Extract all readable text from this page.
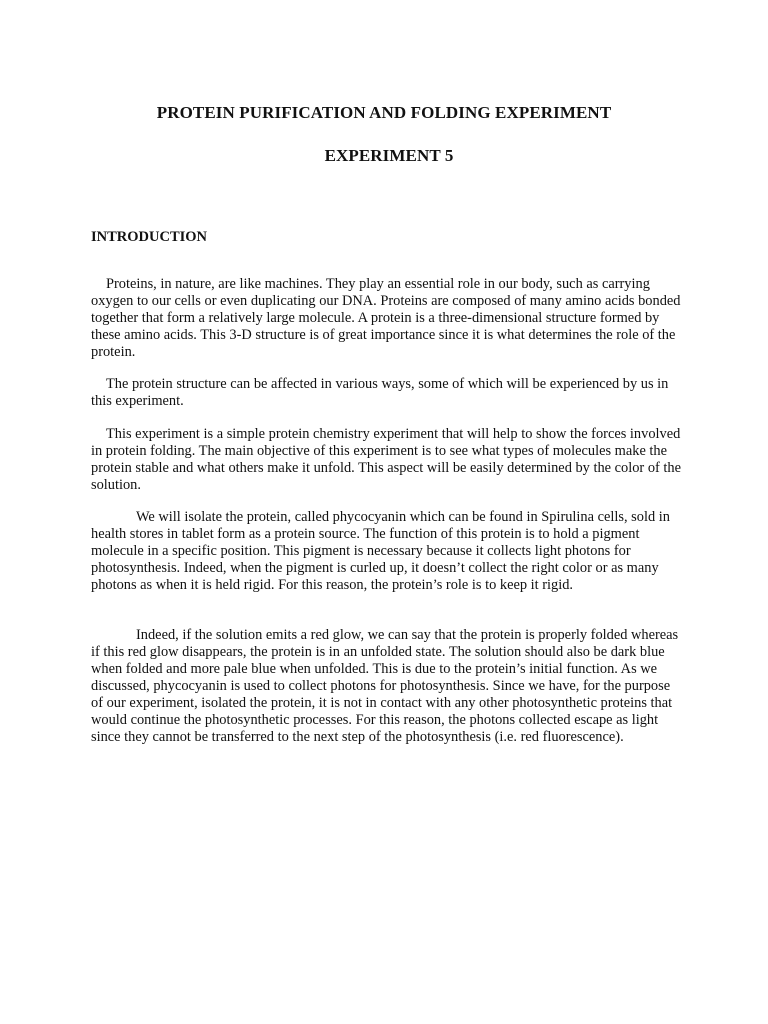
PROTEIN PURIFICATION AND FOLDING EXPERIMENT
EXPERIMENT 5
INTRODUCTION

Proteins, in nature, are like machines. They play an essential role in our body, such as carrying oxygen to our cells or even duplicating our DNA. Proteins are composed of many amino acids bonded together that form a relatively large molecule. A protein is a three-dimensional structure formed by these amino acids. This 3-D structure is of great importance since it is what determines the role of the protein.

The protein structure can be affected in various ways, some of which will be experienced by us in this experiment.

This experiment is a simple protein chemistry experiment that will help to show the forces involved in protein folding. The main objective of this experiment is to see what types of molecules make the protein stable and what others make it unfold. This aspect will be easily determined by the color of the solution.

We will isolate the protein, called phycocyanin which can be found in Spirulina cells, sold in health stores in tablet form as a protein source. The function of this protein is to hold a pigment molecule in a specific position. This pigment is necessary because it collects light photons for photosynthesis. Indeed, when the pigment is curled up, it doesn’t collect the right color or as many photons as when it is held rigid. For this reason, the protein’s role is to keep it rigid.

Indeed, if the solution emits a red glow, we can say that the protein is properly folded whereas if this red glow disappears, the protein is in an unfolded state. The solution should also be dark blue when folded and more pale blue when unfolded. This is due to the protein’s initial function. As we discussed, phycocyanin is used to collect photons for photosynthesis. Since we have, for the purpose of our experiment, isolated the protein, it is not in contact with any other photosynthetic proteins that would continue the photosynthetic processes. For this reason, the photons collected escape as light since they cannot be transferred to the next step of the photosynthesis (i.e. red fluorescence).
